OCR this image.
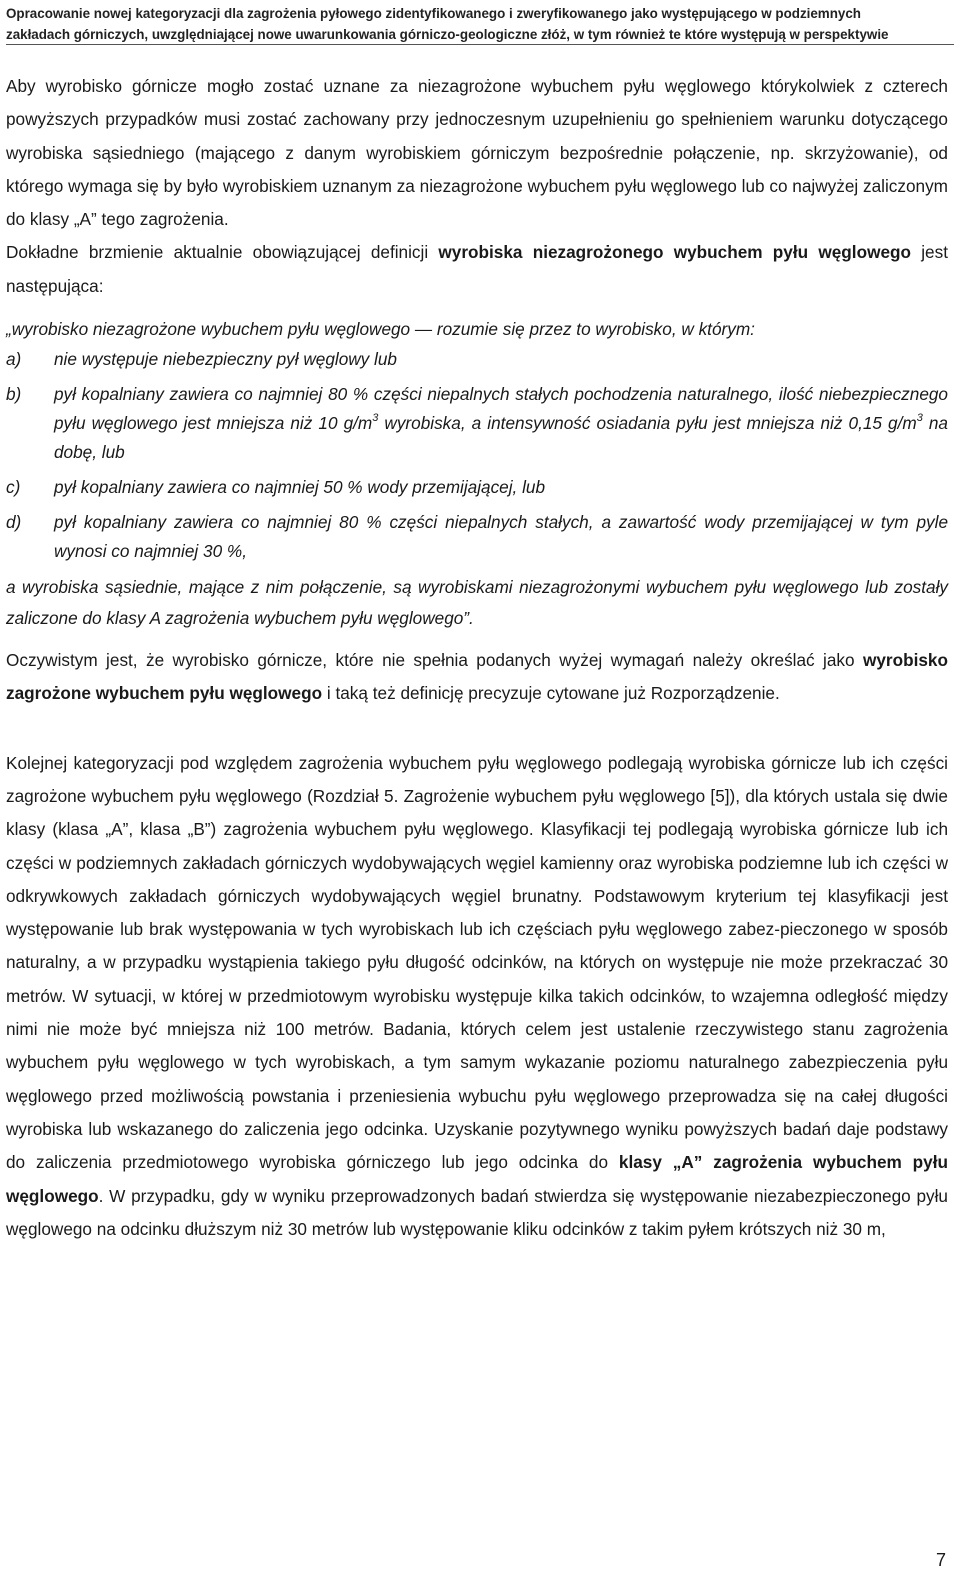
Opracowanie nowej kategoryzacji dla zagrożenia pyłowego zidentyfikowanego i zweryfikowanego jako występującego w podziemnych
zakładach górniczych, uwzględniającej nowe uwarunkowania górniczo-geologiczne złóż, w tym również te które występują w perspektywie

Aby wyrobisko górnicze mogło zostać uznane za niezagrożone wybuchem pyłu węglowego którykolwiek z czterech powyższych przypadków musi zostać zachowany przy jednoczesnym uzupełnieniu go spełnieniem warunku dotyczącego wyrobiska sąsiedniego (mającego z danym wyrobiskiem górniczym bezpośrednie połączenie, np. skrzyżowanie), od którego wymaga się by było wyrobiskiem uznanym za niezagrożone wybuchem pyłu węglowego lub co najwyżej zaliczonym do klasy „A” tego zagrożenia.

Dokładne brzmienie aktualnie obowiązującej definicji wyrobiska niezagrożonego wybuchem pyłu węglowego jest następująca:

„wyrobisko niezagrożone wybuchem pyłu węglowego — rozumie się przez to wyrobisko, w którym:

a)	nie występuje niebezpieczny pył węglowy lub
b)	pył kopalniany zawiera co najmniej 80 % części niepalnych stałych pochodzenia naturalnego, ilość niebezpiecznego pyłu węglowego jest mniejsza niż 10 $g/m^3$ wyrobiska, a intensywność osiadania pyłu jest mniejsza niż 0,15 $g/m^3$ na dobę, lub
c)	pył kopalniany zawiera co najmniej 50 % wody przemijającej, lub
d)	pył kopalniany zawiera co najmniej 80 % części niepalnych stałych, a zawartość wody przemijającej w tym pyle wynosi co najmniej 30 %,

a wyrobiska sąsiednie, mające z nim połączenie, są wyrobiskami niezagrożonymi wybuchem pyłu węglowego lub zostały zaliczone do klasy A zagrożenia wybuchem pyłu węglowego”.

Oczywistym jest, że wyrobisko górnicze, które nie spełnia podanych wyżej wymagań należy określać jako wyrobisko zagrożone wybuchem pyłu węglowego i taką też definicję precyzuje cytowane już Rozporządzenie.

Kolejnej kategoryzacji pod względem zagrożenia wybuchem pyłu węglowego podlegają wyrobiska górnicze lub ich części zagrożone wybuchem pyłu węglowego (Rozdział 5. Zagrożenie wybuchem pyłu węglowego [5]), dla których ustala się dwie klasy (klasa „A”, klasa „B”) zagrożenia wybuchem pyłu węglowego. Klasyfikacji tej podlegają wyrobiska górnicze lub ich części w podziemnych zakładach górniczych wydobywających węgiel kamienny oraz wyrobiska podziemne lub ich części w odkrywkowych zakładach górniczych wydobywających węgiel brunatny. Podstawowym kryterium tej klasyfikacji jest występowanie lub brak występowania w tych wyrobiskach lub ich częściach pyłu węglowego zabez-pieczonego w sposób naturalny, a w przypadku wystąpienia takiego pyłu długość odcinków, na których on występuje nie może przekraczać 30 metrów. W sytuacji, w której w przedmiotowym wyrobisku występuje kilka takich odcinków, to wzajemna odległość między nimi nie może być mniejsza niż 100 metrów. Badania, których celem jest ustalenie rzeczywistego stanu zagrożenia wybuchem pyłu węglowego w tych wyrobiskach, a tym samym wykazanie poziomu naturalnego zabezpieczenia pyłu węglowego przed możliwością powstania i przeniesienia wybuchu pyłu węglowego przeprowadza się na całej długości wyrobiska lub wskazanego do zaliczenia jego odcinka. Uzyskanie pozytywnego wyniku powyższych badań daje podstawy do zaliczenia przedmiotowego wyrobiska górniczego lub jego odcinka do klasy „A” zagrożenia wybuchem pyłu węglowego. W przypadku, gdy w wyniku przeprowadzonych badań stwierdza się występowanie niezabezpieczonego pyłu węglowego na odcinku dłuższym niż 30 metrów lub występowanie kliku odcinków z takim pyłem krótszych niż 30 m,

7
